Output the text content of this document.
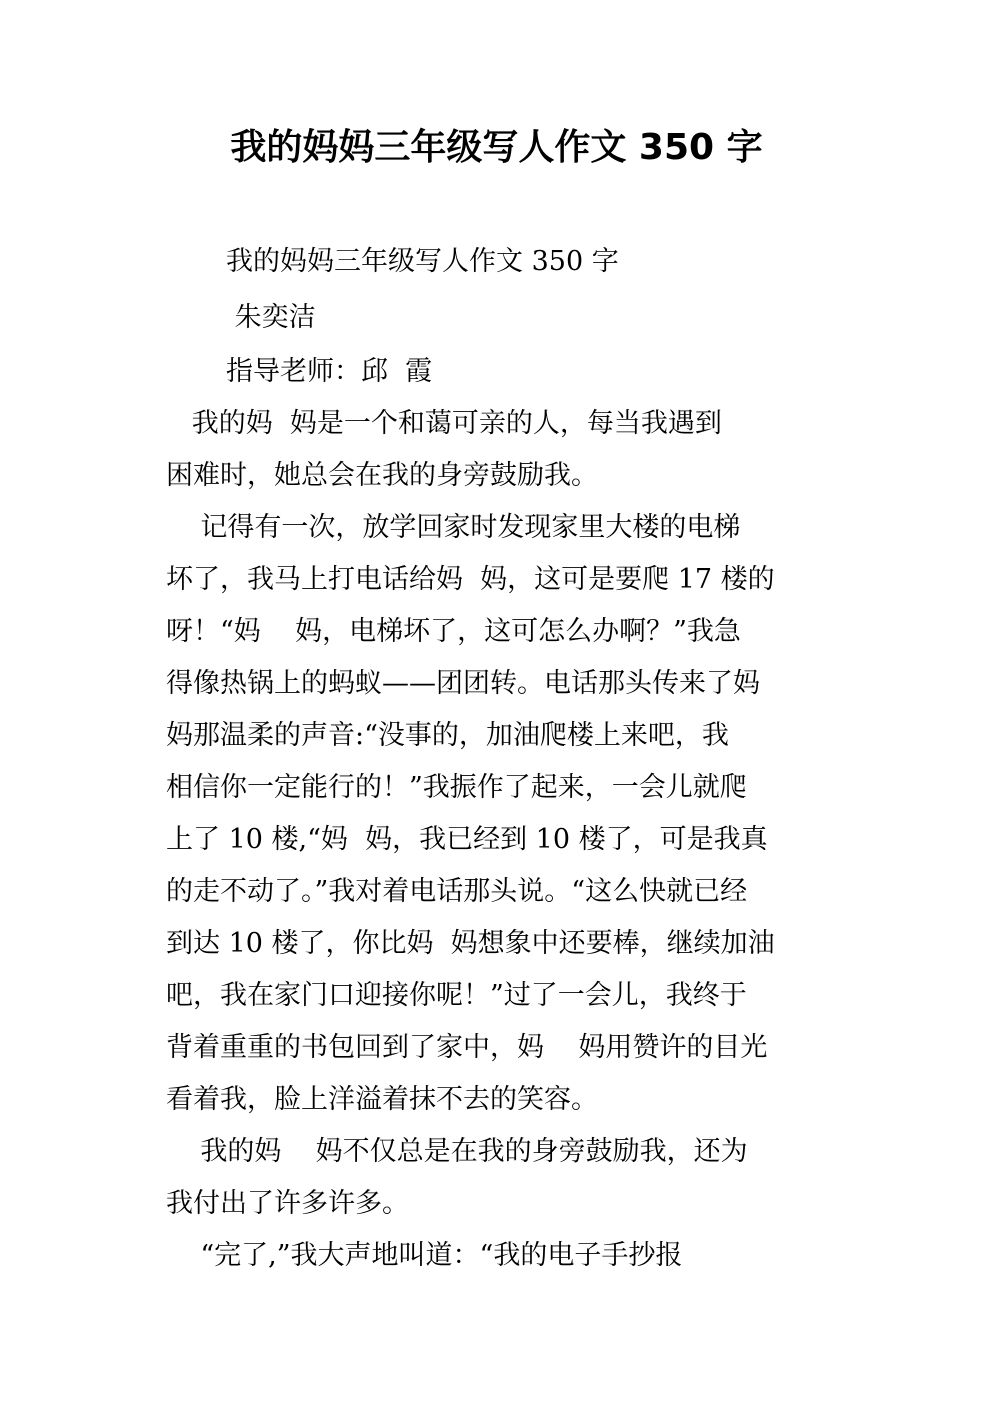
我的妈妈三年级写人作文 350 字

我的妈妈三年级写人作文 350 字

朱奕洁

指导老师：邱  霞

我的妈  妈是一个和蔼可亲的人，每当我遇到

困难时，她总会在我的身旁鼓励我。

记得有一次，放学回家时发现家里大楼的电梯

坏了，我马上打电话给妈  妈，这可是要爬 17 楼的

呀！“妈    妈，电梯坏了，这可怎么办啊？”我急

得像热锅上的蚂蚁——团团转。电话那头传来了妈

妈那温柔的声音:“没事的，加油爬楼上来吧，我

相信你一定能行的！”我振作了起来，一会儿就爬

上了 10 楼,“妈  妈，我已经到 10 楼了，可是我真

的走不动了。”我对着电话那头说。“这么快就已经

到达 10 楼了，你比妈  妈想象中还要棒，继续加油

吧，我在家门口迎接你呢！”过了一会儿，我终于

背着重重的书包回到了家中，妈    妈用赞许的目光

看着我，脸上洋溢着抹不去的笑容。

我的妈    妈不仅总是在我的身旁鼓励我，还为

我付出了许多许多。

“完了,”我大声地叫道：“我的电子手抄报
